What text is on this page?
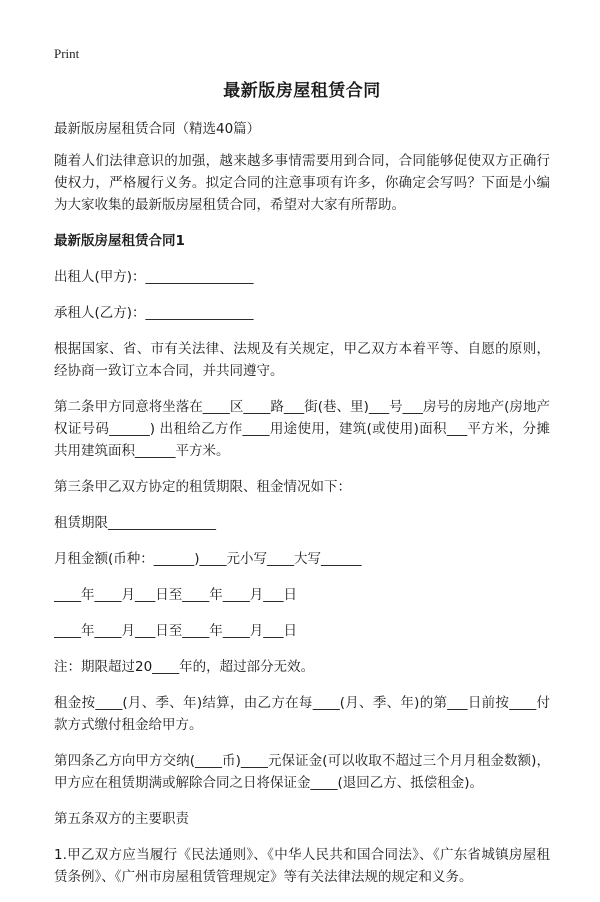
Print
最新版房屋租赁合同
最新版房屋租赁合同（精选40篇）
随着人们法律意识的加强，越来越多事情需要用到合同，合同能够促使双方正确行使权力，严格履行义务。拟定合同的注意事项有许多，你确定会写吗？下面是小编为大家收集的最新版房屋租赁合同，希望对大家有所帮助。
最新版房屋租赁合同1
出租人(甲方)：________________
承租人(乙方)：________________
根据国家、省、市有关法律、法规及有关规定，甲乙双方本着平等、自愿的原则，经协商一致订立本合同，并共同遵守。
第二条甲方同意将坐落在____区____路___街(巷、里)___号___房号的房地产(房地产权证号码______) 出租给乙方作____用途使用，建筑(或使用)面积___平方米，分摊共用建筑面积______平方米。
第三条甲乙双方协定的租赁期限、租金情况如下：
租赁期限________________
月租金额(币种：______)____元小写____大写______
____年____月___日至____年____月___日
____年____月___日至____年____月___日
注：期限超过20____年的，超过部分无效。
租金按____(月、季、年)结算，由乙方在每____(月、季、年)的第___日前按____付款方式缴付租金给甲方。
第四条乙方向甲方交纳(____币)____元保证金(可以收取不超过三个月月租金数额)，甲方应在租赁期满或解除合同之日将保证金____(退回乙方、抵偿租金)。
第五条双方的主要职责
1.甲乙双方应当履行《民法通则》、《中华人民共和国合同法》、《广东省城镇房屋租赁条例》、《广州市房屋租赁管理规定》等有关法律法规的规定和义务。
